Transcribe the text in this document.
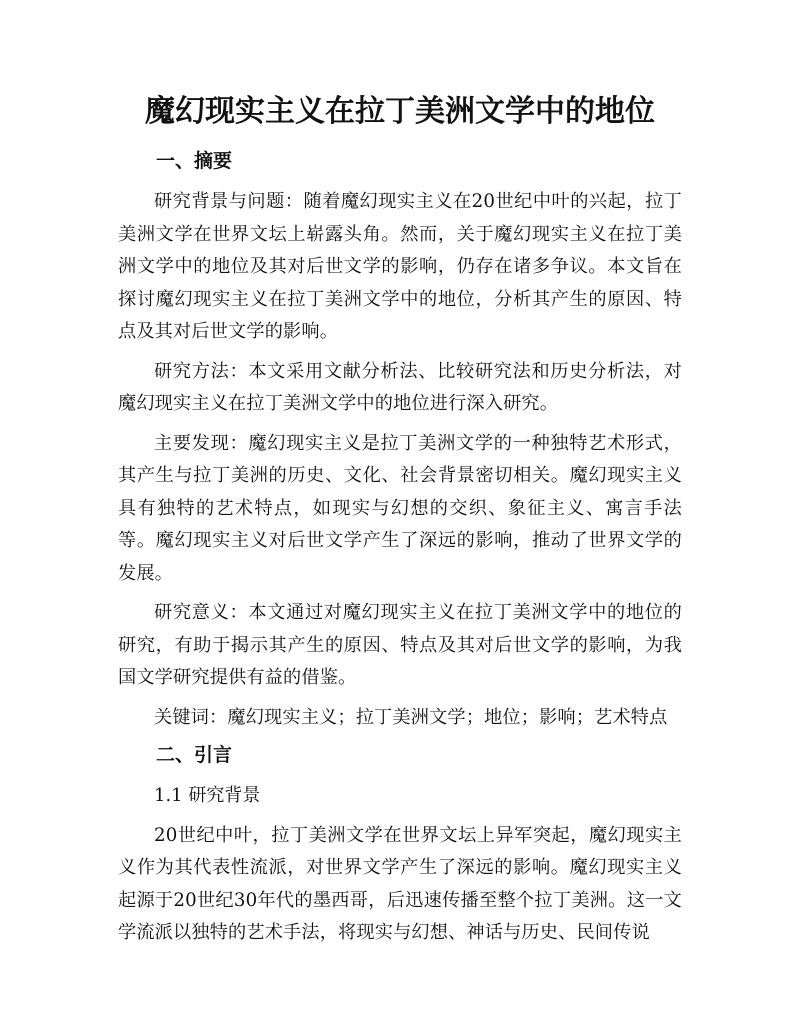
魔幻现实主义在拉丁美洲文学中的地位
一、摘要

研究背景与问题：随着魔幻现实主义在20世纪中叶的兴起，拉丁美洲文学在世界文坛上崭露头角。然而，关于魔幻现实主义在拉丁美洲文学中的地位及其对后世文学的影响，仍存在诸多争议。本文旨在探讨魔幻现实主义在拉丁美洲文学中的地位，分析其产生的原因、特点及其对后世文学的影响。

研究方法：本文采用文献分析法、比较研究法和历史分析法，对魔幻现实主义在拉丁美洲文学中的地位进行深入研究。

主要发现：魔幻现实主义是拉丁美洲文学的一种独特艺术形式，其产生与拉丁美洲的历史、文化、社会背景密切相关。魔幻现实主义具有独特的艺术特点，如现实与幻想的交织、象征主义、寓言手法等。魔幻现实主义对后世文学产生了深远的影响，推动了世界文学的发展。

研究意义：本文通过对魔幻现实主义在拉丁美洲文学中的地位的研究，有助于揭示其产生的原因、特点及其对后世文学的影响，为我国文学研究提供有益的借鉴。

关键词：魔幻现实主义；拉丁美洲文学；地位；影响；艺术特点

二、引言

1.1 研究背景

20世纪中叶，拉丁美洲文学在世界文坛上异军突起，魔幻现实主义作为其代表性流派，对世界文学产生了深远的影响。魔幻现实主义起源于20世纪30年代的墨西哥，后迅速传播至整个拉丁美洲。这一文学流派以独特的艺术手法，将现实与幻想、神话与历史、民间传说
